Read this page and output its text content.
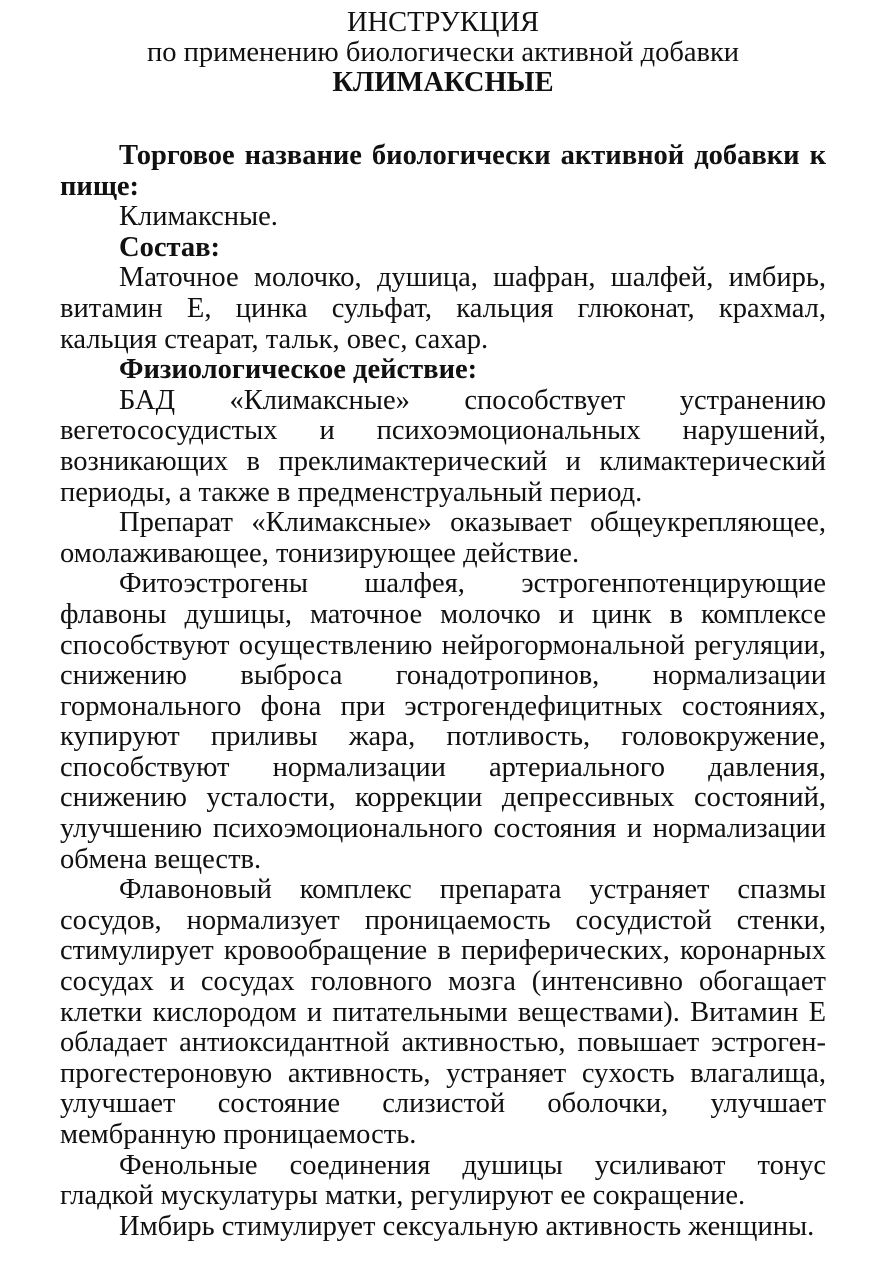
ИНСТРУКЦИЯ
по применению биологически активной добавки
КЛИМАКСНЫЕ

Торговое название биологически активной добавки к пище:

Климаксные.

Состав:

Маточное молочко, душица, шафран, шалфей, имбирь, витамин Е, цинка сульфат, кальция глюконат, крахмал, кальция стеарат, тальк, овес, сахар.

Физиологическое действие:

БАД «Климаксные» способствует устранению вегетососудистых и психоэмоциональных нарушений, возникающих в преклимактерический и климактерический периоды, а также в предменструальный период.

Препарат «Климаксные» оказывает общеукрепляющее, омолаживающее, тонизирующее действие.

Фитоэстрогены шалфея, эстрогенпотенцирующие флавоны душицы, маточное молочко и цинк в комплексе способствуют осуществлению нейрогормональной регуляции, снижению выброса гонадотропинов, нормализации гормонального фона при эстрогендефицитных состояниях, купируют приливы жара, потливость, головокружение, способствуют нормализации артериального давления, снижению усталости, коррекции депрессивных состояний, улучшению психоэмоционального состояния и нормализации обмена веществ.

Флавоновый комплекс препарата устраняет спазмы сосудов, нормализует проницаемость сосудистой стенки, стимулирует кровообращение в периферических, коронарных сосудах и сосудах головного мозга (интенсивно обогащает клетки кислородом и питательными веществами). Витамин Е обладает антиоксидантной активностью, повышает эстроген-прогестероновую активность, устраняет сухость влагалища, улучшает состояние слизистой оболочки, улучшает мембранную проницаемость.

Фенольные соединения душицы усиливают тонус гладкой мускулатуры матки, регулируют ее сокращение.

Имбирь стимулирует сексуальную активность женщины.
